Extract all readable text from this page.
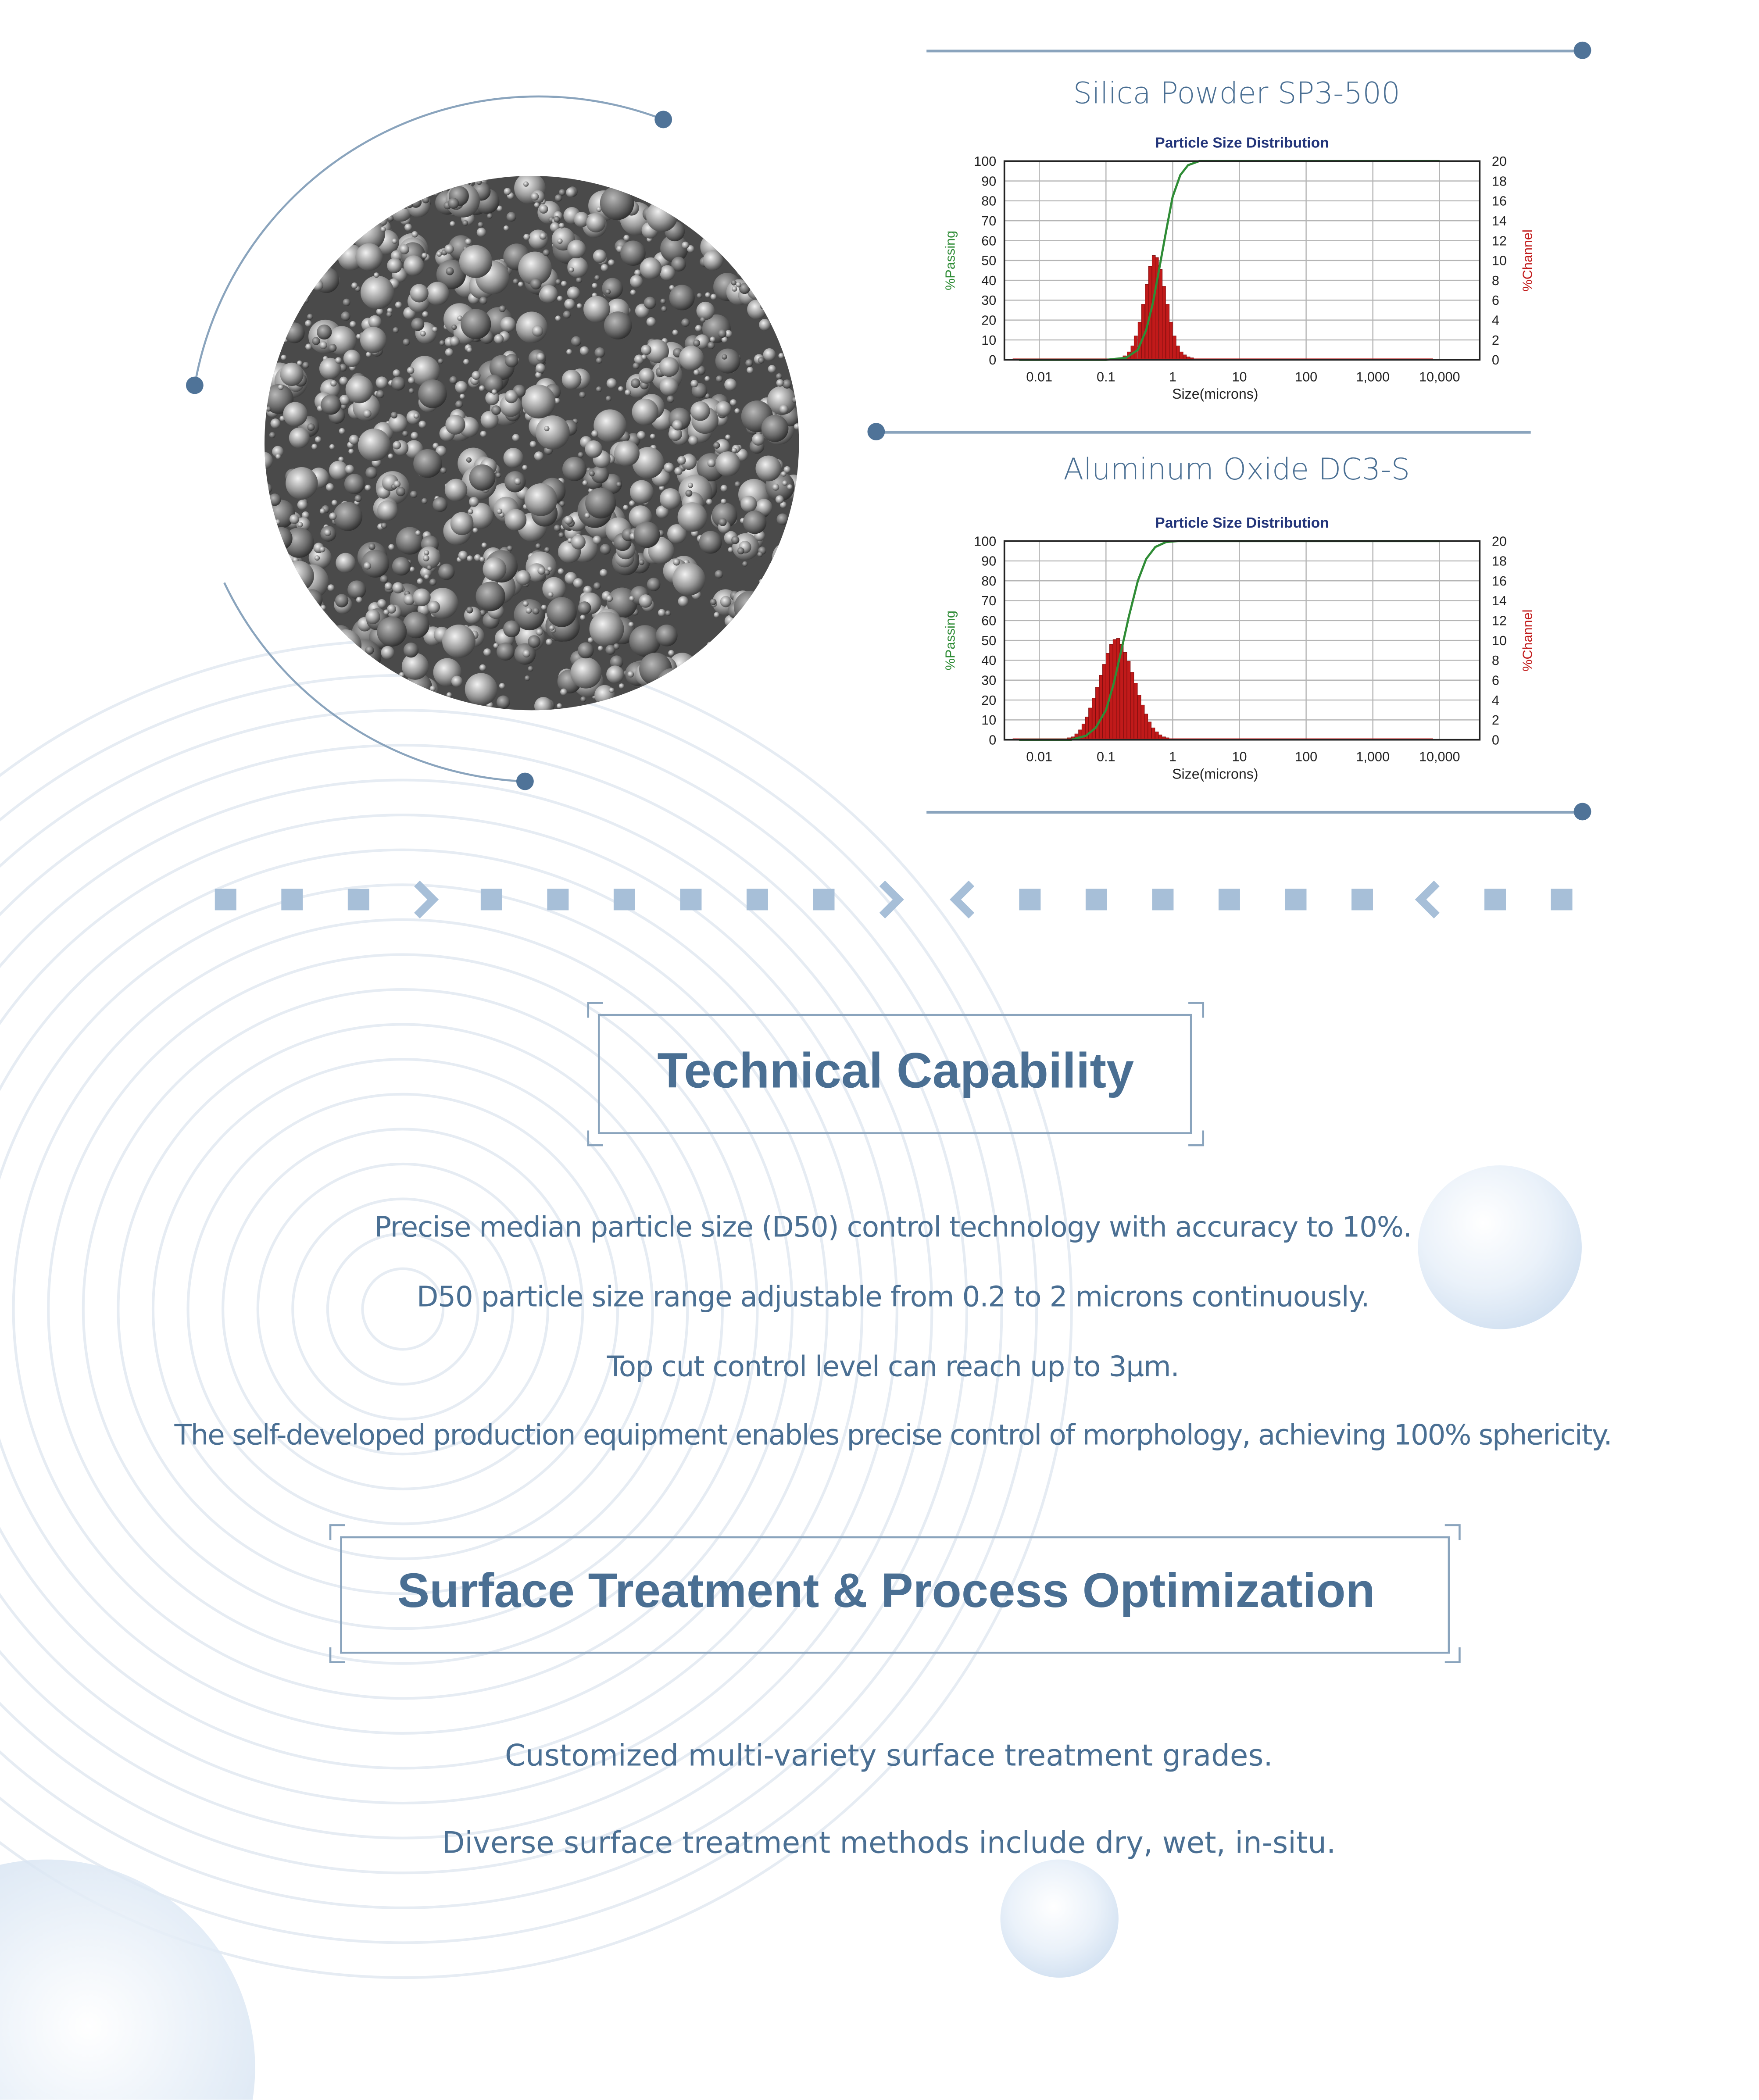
Silica Powder SP3-500
Particle Size Distribution
0.01	0.1	1	10	100	1,000	10,000
0	0
10	2
20	4
30	6
40	8
50	10
60	12
70	14
80	16
90	18
100	20
Size(microns)
%Passing	%Channel
Aluminum Oxide DC3-S
Particle Size Distribution
0.01	0.1	1	10	100	1,000	10,000
0	0
10	2
20	4
30	6
40	8
50	10
60	12
70	14
80	16
90	18
100	20
Size(microns)
%Passing	%Channel
Technical Capability
Precise median particle size (D50) control technology with accuracy to 10%.
D50 particle size range adjustable from 0.2 to 2 microns continuously.
Top cut control level can reach up to 3μm.
The self-developed production equipment enables precise control of morphology, achieving 100% sphericity.
Surface Treatment & Process Optimization
Customized multi-variety surface treatment grades.
Diverse surface treatment methods include dry, wet, in-situ.
